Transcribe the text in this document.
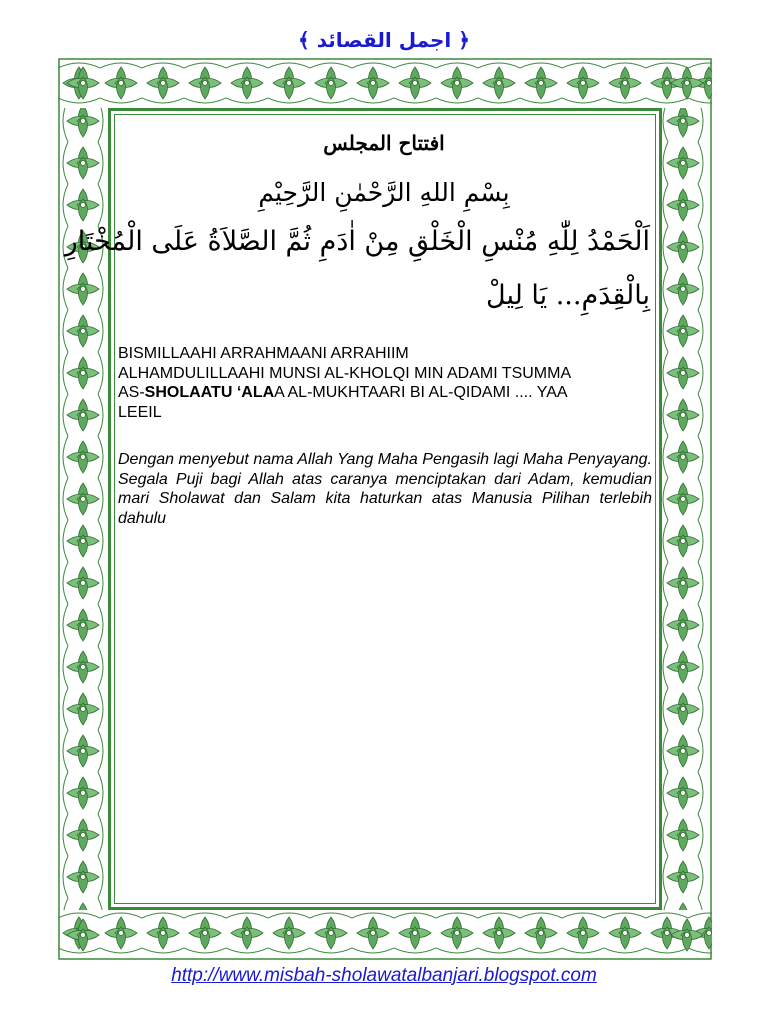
﴿ اجمل القصائد ﴾
افتتاح المجلس
بِسْمِ اللهِ الرَّحْمٰنِ الرَّحِيْمِ
اَلْحَمْدُ لِلّٰهِ مُنْسِ الْخَلْقِ مِنْ اٰدَمِ ثُمَّ الصَّلاَةُ عَلَى الْمُخْتَارِ
بِالْقِدَمِ... يَا لِيلْ
BISMILLAAHI ARRAHMAANI ARRAHIIM
ALHAMDULILLAAHI MUNSI AL-KHOLQI MIN ADAMI TSUMMA
AS-SHOLAATU ‘ALAA AL-MUKHTAARI BI AL-QIDAMI .... YAA
LEEIL
Dengan menyebut nama Allah Yang Maha Pengasih lagi Maha Penyayang. Segala Puji bagi Allah atas caranya menciptakan dari Adam, kemudian mari Sholawat dan Salam kita haturkan atas Manusia Pilihan terlebih dahulu
http://www.misbah-sholawatalbanjari.blogspot.com
